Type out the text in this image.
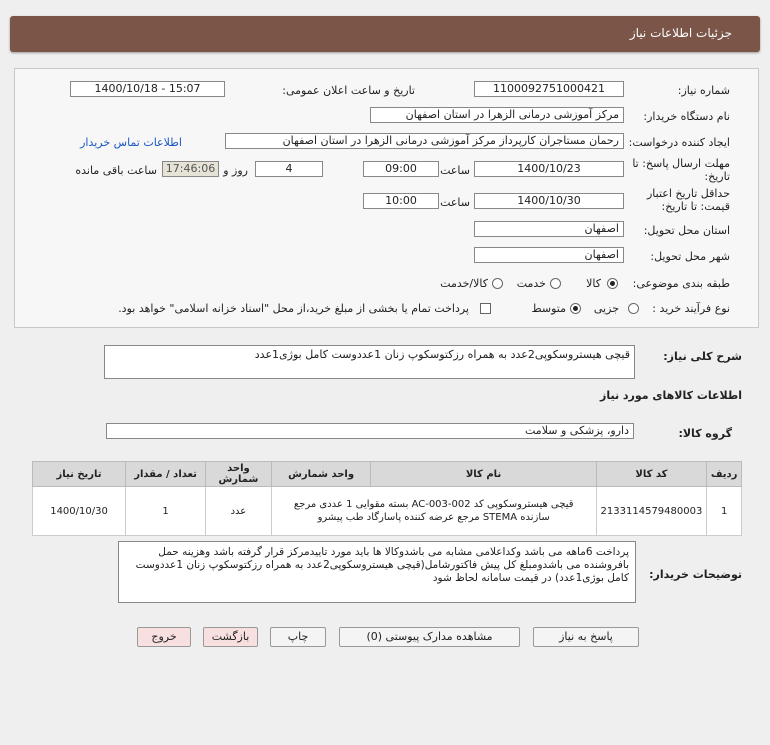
جزئيات اطلاعات نياز
شماره نیاز:
1100092751000421
تاریخ و ساعت اعلان عمومی:
1400/10/18 - 15:07
نام دستگاه خریدار:
مرکز آموزشی درمانی الزهرا در استان اصفهان
ایجاد کننده درخواست:
رحمان مستاجران کارپرداز مرکز آموزشی درمانی الزهرا در استان اصفهان
اطلاعات تماس خریدار
مهلت ارسال پاسخ: تا
تاریخ:
1400/10/23
ساعت
09:00
4
روز و
17:46:06
ساعت باقی مانده
حداقل تاریخ اعتبار
قیمت: تا تاریخ:
1400/10/30
ساعت
10:00
استان محل تحویل:
اصفهان
شهر محل تحویل:
اصفهان
طبقه بندی موضوعی:
کالا
خدمت
کالا/خدمت
نوع فرآیند خرید :
جزیی
متوسط
پرداخت تمام یا بخشی از مبلغ خرید،از محل "اسناد خزانه اسلامی" خواهد بود.
شرح کلی نیاز:
قیچی هیستروسکوپی2عدد به همراه رزکتوسکوپ زنان 1عددوست کامل بوژی1عدد
اطلاعات کالاهای مورد نیاز
گروه کالا:
دارو، پزشکی و سلامت
تاریخ نیاز	تعداد / مقدار	واحد شمارش	واحد شمارش	نام کالا	کد کالا	ردیف
1400/10/30	1	عدد	قیچی هیستروسکوپی کد AC-003-002 بسته مقوایی 1 عددی مرجع سازنده STEMA مرجع عرضه کننده پاسارگاد طب پیشرو		2133114579480003	1
توضیحات خریدار:
پرداخت 6ماهه می باشد وکداعلامی مشابه می باشدوکالا ها باید مورد تاییدمرکز قرار گرفته باشد وهزینه حمل بافروشنده می باشدومبلغ کل پیش فاکتورشامل(قیچی هیستروسکوپی2عدد به همراه رزکتوسکوپ زنان 1عددوست کامل بوژی1عدد) در قیمت سامانه لحاظ شود
پاسخ به نیاز
مشاهده مدارک پیوستی (0)
چاپ
بازگشت
خروج
